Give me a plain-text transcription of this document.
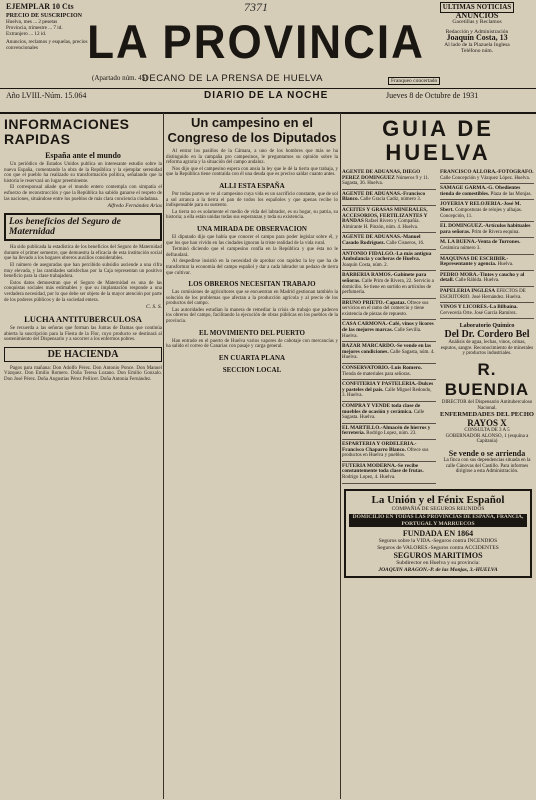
EJEMPLAR 10 Cts
PRECIO DE SUSCRIPCION
Huelva, mes ... 2 pesetas
Provincia, trimestre ... 7 id.
Extranjero ... 12 id.
Anuncios, reclamos y esquelas, precios convencionales
7371
LA PROVINCIA
(Apartado núm. 45)
DECANO DE LA PRENSA DE HUELVA	Franqueo concertado
ULTIMAS NOTICIAS
ANUNCIOS
Gacetillas y Reclamos
Redacción y Administración
Joaquín Costa, 13
Al lado de la Plazuela Inglesa
Teléfono núm.
Año LVIII.-Núm. 15.064	DIARIO DE LA NOCHE	Jueves 8 de Octubre de 1931
INFORMACIONES RAPIDAS
España ante el mundo

Un periódico de Estados Unidos publica un interesante estudio sobre la nueva España, comentando la obra de la República y la ejemplar serenidad con que el pueblo ha realizado su transformación política, señalando que la historia le reservará un lugar preeminente.

El corresponsal añade que el mundo entero contempla con simpatía el esfuerzo de reconstrucción y que la República ha sabido ganarse el respeto de las naciones, situándose entre los pueblos de más clara conciencia ciudadana.

Alfredo Fernández Arias
Los beneficios del Seguro de Maternidad

Ha sido publicada la estadística de los beneficios del Seguro de Maternidad durante el primer semestre, que demuestra la eficacia de esta institución social que ha llevado a los hogares obreros auxilios considerables.

El número de aseguradas que han percibido subsidio asciende a una cifra muy elevada, y las cantidades satisfechas por la Caja representan un positivo beneficio para la clase trabajadora.

Estos datos demuestran que el Seguro de Maternidad es una de las conquistas sociales más estimables y que su implantación responde a una verdadera necesidad, por lo que debe ser objeto de la mayor atención por parte de los poderes públicos y de la sociedad entera.

C. S. S.
LUCHA ANTITUBERCULOSA

Se recuerda a las señoras que forman las Juntas de Damas que continúa abierta la suscripción para la Fiesta de la Flor, cuyo producto se destinará al sostenimiento del Dispensario y a socorrer a los enfermos pobres.

DE HACIENDA

Pagos para mañana: Don Adolfo Pérez. Don Antonio Ponce. Don Manuel Vázquez. Don Emilio Romero. Doña Teresa Lozano. Don Emilio Gonzalo. Don José Pérez. Doña Angustias Pérez Pellicer. Doña Antonia Fernández.

Un campesino en el Congreso de los Diputados

Al entrar los pasillos de la Cámara, a uno de los hombres que más se ha distinguido en la campaña pro campesinos, le preguntamos su opinión sobre la reforma agraria y la situación del campo andaluz.

Nos dijo que el campesino espera con ansia la ley que le dé la tierra que trabaja, y que la República tiene contraída con él una deuda que es preciso saldar cuanto antes.

ALLI ESTA ESPAÑA

Por todas partes se ve al campesino cuya vida es un sacrificio constante, que de sol a sol arranca a la tierra el pan de todos los españoles y que apenas recibe lo indispensable para su sustento.

La tierra no es solamente el medio de vida del labrador, es su hogar, su patria, su historia; a ella están unidas todas sus esperanzas y toda su existencia.

UNA MIRADA DE OBSERVACION

El diputado dijo que había que conocer el campo para poder legislar sobre él, y que los que han vivido en las ciudades ignoran la triste realidad de la vida rural.

Terminó diciendo que el campesino confía en la República y que ésta no le defraudará.

Al despedirse insistió en la necesidad de aprobar con rapidez la ley que ha de transformar la economía del campo español y dar a cada labrador un pedazo de tierra que cultivar.

LOS OBREROS NECESITAN TRABAJO

Las comisiones de agricultores que se encuentran en Madrid gestionan también la solución de los problemas que afectan a la producción agrícola y al precio de los productos del campo.

Las autoridades estudian la manera de remediar la crisis de trabajo que padecen los obreros del campo, facilitando la ejecución de obras públicas en los pueblos de la provincia.

EL MOVIMIENTO DEL PUERTO

Han entrado en el puerto de Huelva varios vapores de cabotaje con mercancías y ha salido el correo de Canarias con pasaje y carga general.

EN CUARTA PLANA
SECCION LOCAL
GUIA DE HUELVA
AGENTE DE ADUANAS, DIEGO PEREZ DOMINGUEZ Números 9 y 11. Sagasta, 36. Huelva.
AGENTE DE ADUANAS.-Francisco Blanco. Calle Gracia Cadiz, número 3.
ACEITES Y GRASAS MINERALES, ACCESORIOS, FERTILIZANTES Y BANDAS Rafael Rivero y Compañía. Almirante H. Pinzón, núm. 4. Huelva.
AGENTE DE ADUANAS.-Manuel Casado Rodríguez. Calle Cisneros, 16.
ANTONIO FIDALGO.-La más antigua Ambulancia y cocheras de Huelva. Joaquín Costa, núm. 2.
BARBERIA RAMOS.-Gabinete para señoras. Calle Prim de Rivera, 22. Servicio a domicilio. Se tiene en surtido en artículos de perfumería.
BRUNO PRIETO.-Capataz. Ofrece sus servicios en el ramo del comercio y tiene existencia de piezas de repuesto.
CASA CARMONA.-Café, vinos y licores de las mejores marcas. Calle Sevilla. Huelva.
BAZAR MARCARDO.-Se vende en las mejores condiciones. Calle Sagasta, núm. 4. Huelva.
CONSERVATORIO.-Luis Romero. Tienda de materiales para señoras.
CONFITERIA Y PASTELERIA.-Dulces y pasteles del país. Calle Miguel Redondo, 3. Huelva.
COMPRA Y VENDE toda clase de muebles de ocasión y cerámica. Calle Sagasta. Huelva.
EL MARTILLO.-Almacén de hierros y ferretería. Rodrigo Lopez, núm. 23.
ESPARTERIA Y ORDELERIA.-Francisco Chaparro Blanco. Ofrece sus productos en Huelva y pueblos.
FUTERIA MODERNA.-Se recibe constantemente toda clase de frutas. Rodrigo Lopez, 4. Huelva.
FRANCISCO ALLORA.-FOTOGRAFO. Calle Concepción y Vázquez López. Huelva.
SAMAGE GARMA.-G. Obedientes tienda de comestibles. Plaza de las Monjas.
JOYERIA Y RELOJERIA.-José M. Sbert. Composturas de relojes y alhajas. Concepción, 11.
EL DOMINGUEZ.-Artículos habituales para señoras. Prim de Rivera esquina.
M. LA BUENA.-Venta de Turrones. Cerámica número 3.
MAQUINAS DE ESCRIBIR.-Representante y agencia. Huelva.
PEDRO MORA.-Tintes y caucho y al detall. Calle Rábida. Huelva.
PAPELERIA INGLESA EFECTOS DE ESCRITORIO. José Hernández. Huelva.
VINOS Y LICORES.-La Bilbaína. Cervecería Orte. José García Ramírez.
Laboratorio Químico
Del Dr. Cordero Bel
Análisis de agua, lechas, vinos, orinas, esputos, sangre. Reconocimiento de minerales y productos industriales.
R. BUENDIA
DIRECTOR del Dispensario Antituberculoso Nacional.
ENFERMEDADES DEL PECHO
RAYOS X
CONSULTA DE 3 A 5
GOBERNADOR ALONSO, 1 (esquina a Capitanía)
Se vende o se arrienda
La finca con sus dependencias situada en la calle Cánovas del Castillo. Para informes dirigirse a esta Administración.
La Unión y el Fénix Español
COMPAÑIA DE SEGUROS REUNIDOS
DOMICILIO EN TODAS LAS PROVINCIAS DE ESPAÑA, FRANCIA, PORTUGAL Y MARRUECOS
FUNDADA EN 1864
Seguros sobre la VIDA.-Seguros contra INCENDIOS
Seguros de VALORES.-Seguros contra ACCIDENTES
SEGUROS MARITIMOS
Subdirector en Huelva y su provincia:
JOAQUIN ARAGON.-P. de las Monjas, 3.-HUELVA
